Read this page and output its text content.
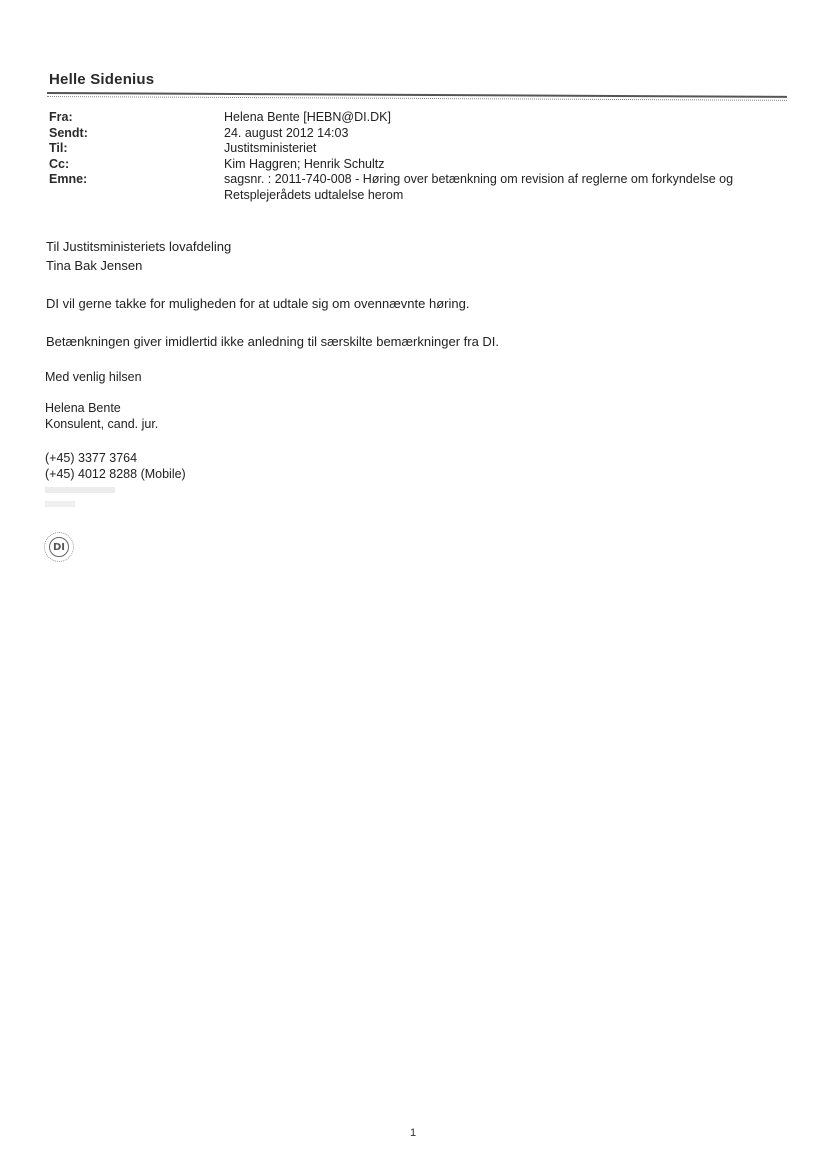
Helle Sidenius
Fra:	Helena Bente [HEBN@DI.DK]
Sendt:	24. august 2012 14:03
Til:	Justitsministeriet
Cc:	Kim Haggren; Henrik Schultz
Emne:	sagsnr. : 2011-740-008 - Høring over betænkning om revision af reglerne om forkyndelse og Retsplejerådets udtalelse herom
Til Justitsministeriets lovafdeling
Tina Bak Jensen
DI vil gerne takke for muligheden for at udtale sig om ovennævnte høring.
Betænkningen giver imidlertid ikke anledning til særskilte bemærkninger fra DI.
Med venlig hilsen
Helena Bente
Konsulent, cand. jur.
(+45) 3377 3764
(+45) 4012 8288 (Mobile)
DI
1
